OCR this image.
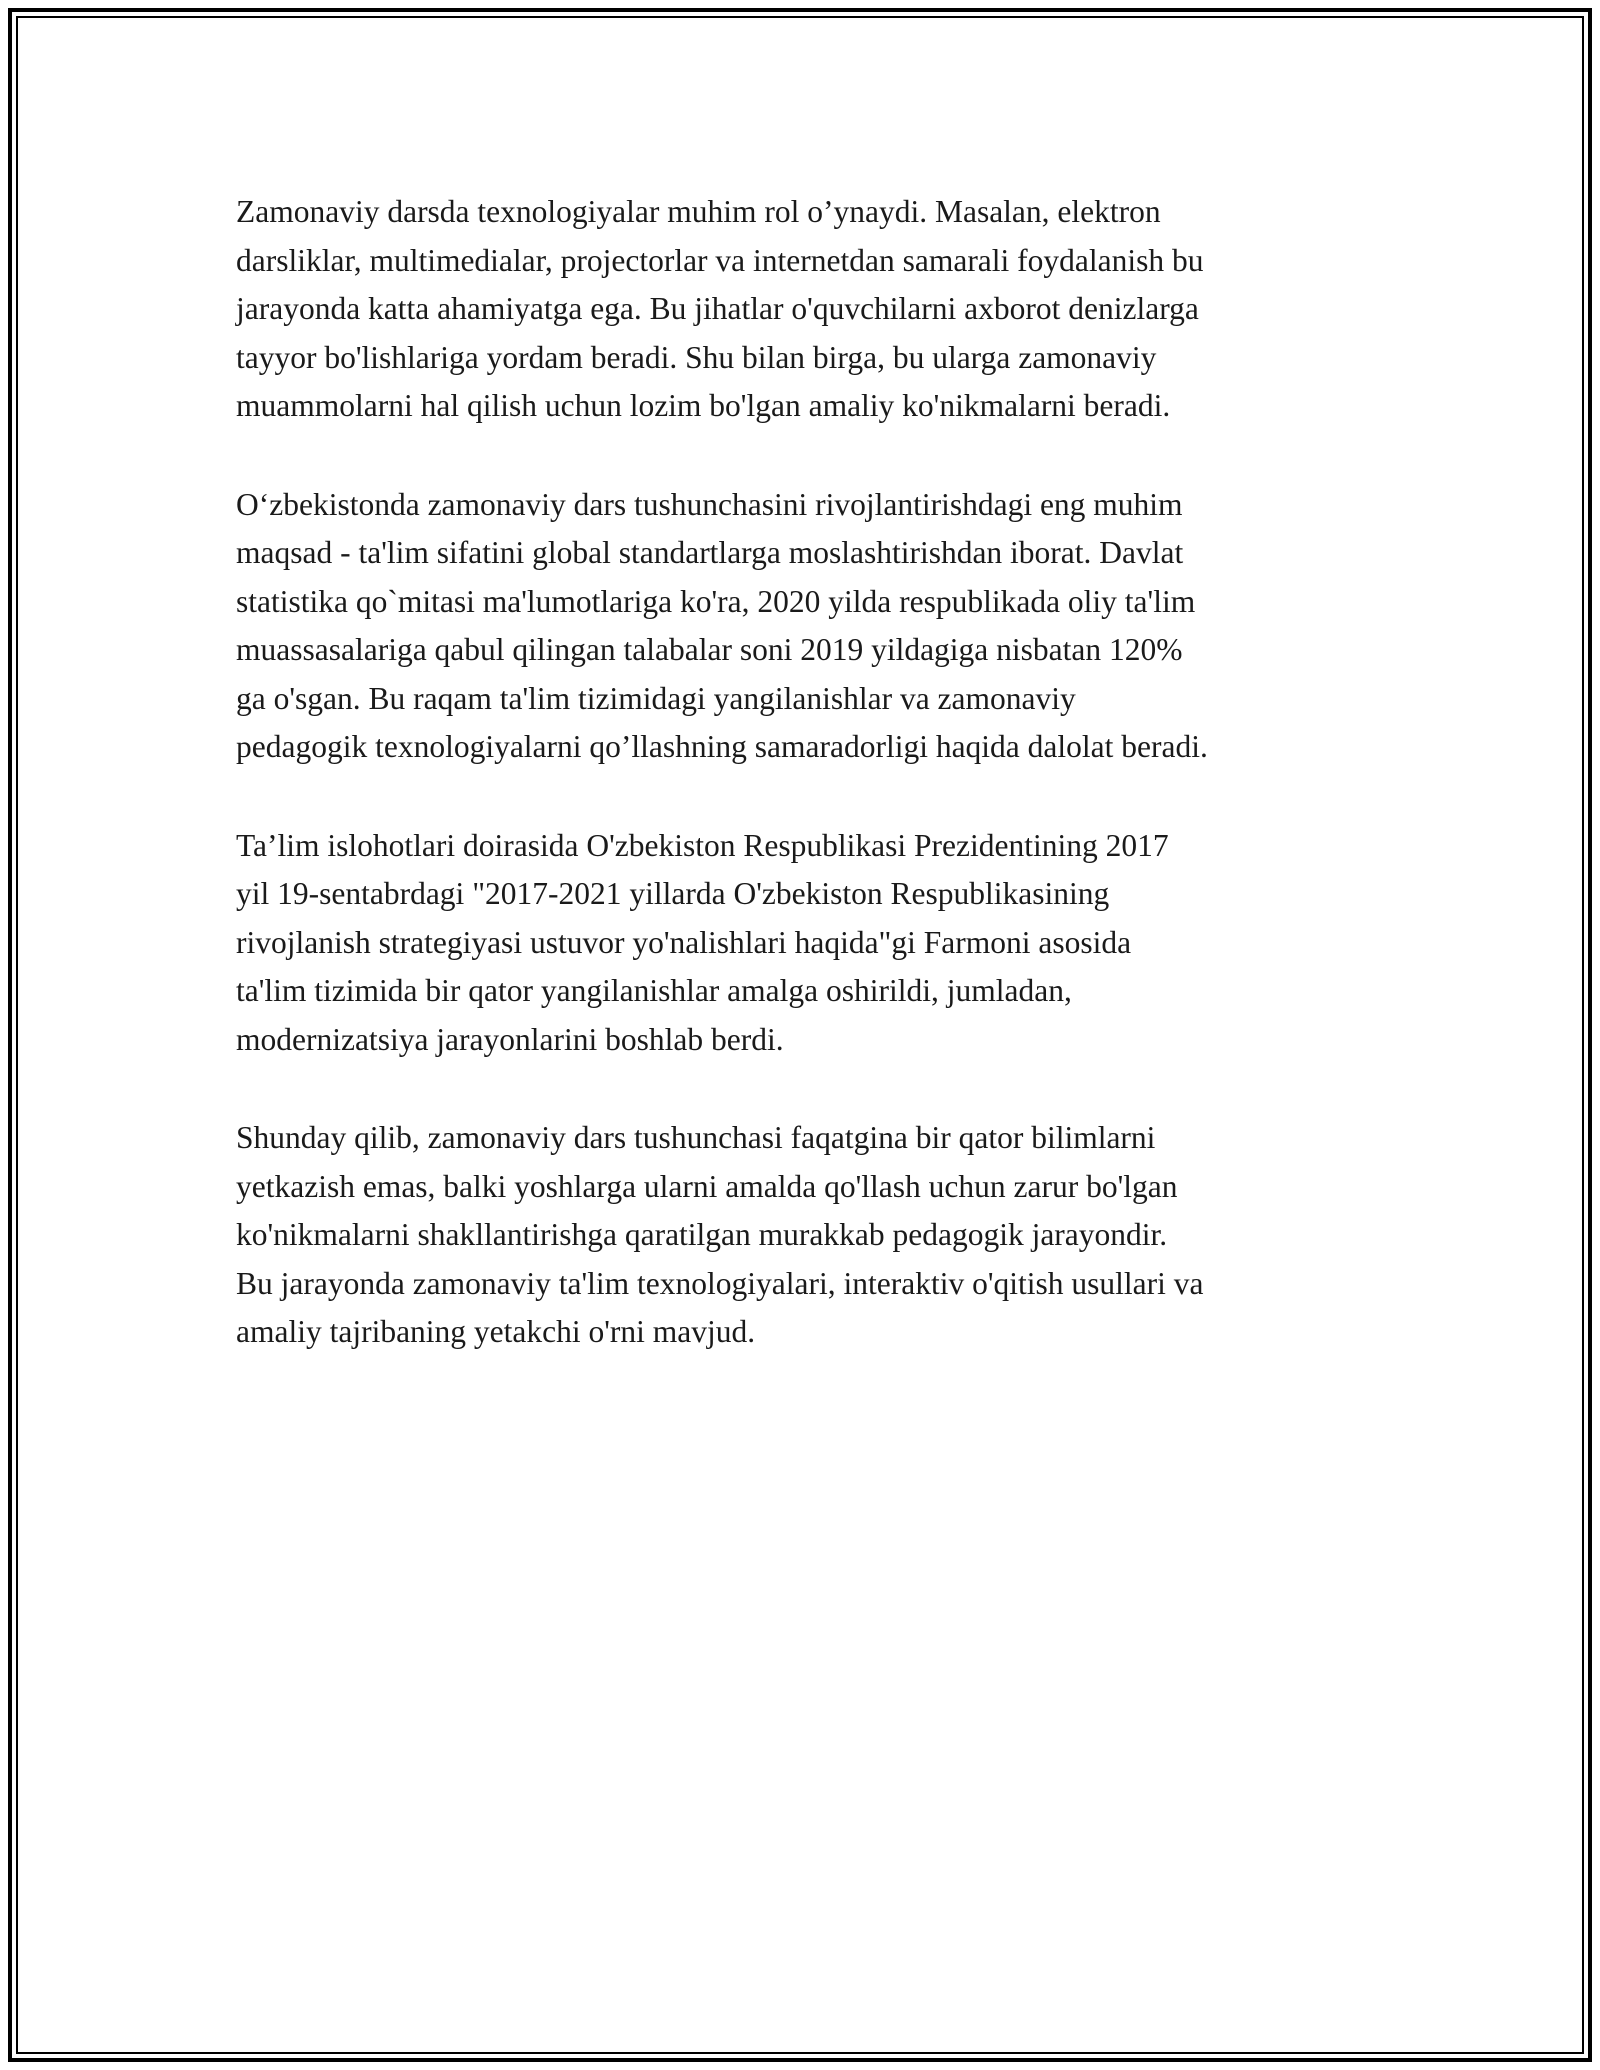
Zamonaviy darsda texnologiyalar muhim rol o’ynaydi. Masalan, elektron
darsliklar, multimedialar, projectorlar va internetdan samarali foydalanish bu
jarayonda katta ahamiyatga ega. Bu jihatlar o'quvchilarni axborot denizlarga
tayyor bo'lishlariga yordam beradi. Shu bilan birga, bu ularga zamonaviy
muammolarni hal qilish uchun lozim bo'lgan amaliy ko'nikmalarni beradi.

O‘zbekistonda zamonaviy dars tushunchasini rivojlantirishdagi eng muhim
maqsad - ta'lim sifatini global standartlarga moslashtirishdan iborat. Davlat
statistika qo`mitasi ma'lumotlariga ko'ra, 2020 yilda respublikada oliy ta'lim
muassasalariga qabul qilingan talabalar soni 2019 yildagiga nisbatan 120%
ga o'sgan. Bu raqam ta'lim tizimidagi yangilanishlar va zamonaviy
pedagogik texnologiyalarni qo’llashning samaradorligi haqida dalolat beradi.

Ta’lim islohotlari doirasida O'zbekiston Respublikasi Prezidentining 2017
yil 19-sentabrdagi "2017-2021 yillarda O'zbekiston Respublikasining
rivojlanish strategiyasi ustuvor yo'nalishlari haqida"gi Farmoni asosida
ta'lim tizimida bir qator yangilanishlar amalga oshirildi, jumladan,
modernizatsiya jarayonlarini boshlab berdi.

Shunday qilib, zamonaviy dars tushunchasi faqatgina bir qator bilimlarni
yetkazish emas, balki yoshlarga ularni amalda qo'llash uchun zarur bo'lgan
ko'nikmalarni shakllantirishga qaratilgan murakkab pedagogik jarayondir.
Bu jarayonda zamonaviy ta'lim texnologiyalari, interaktiv o'qitish usullari va
amaliy tajribaning yetakchi o'rni mavjud.
